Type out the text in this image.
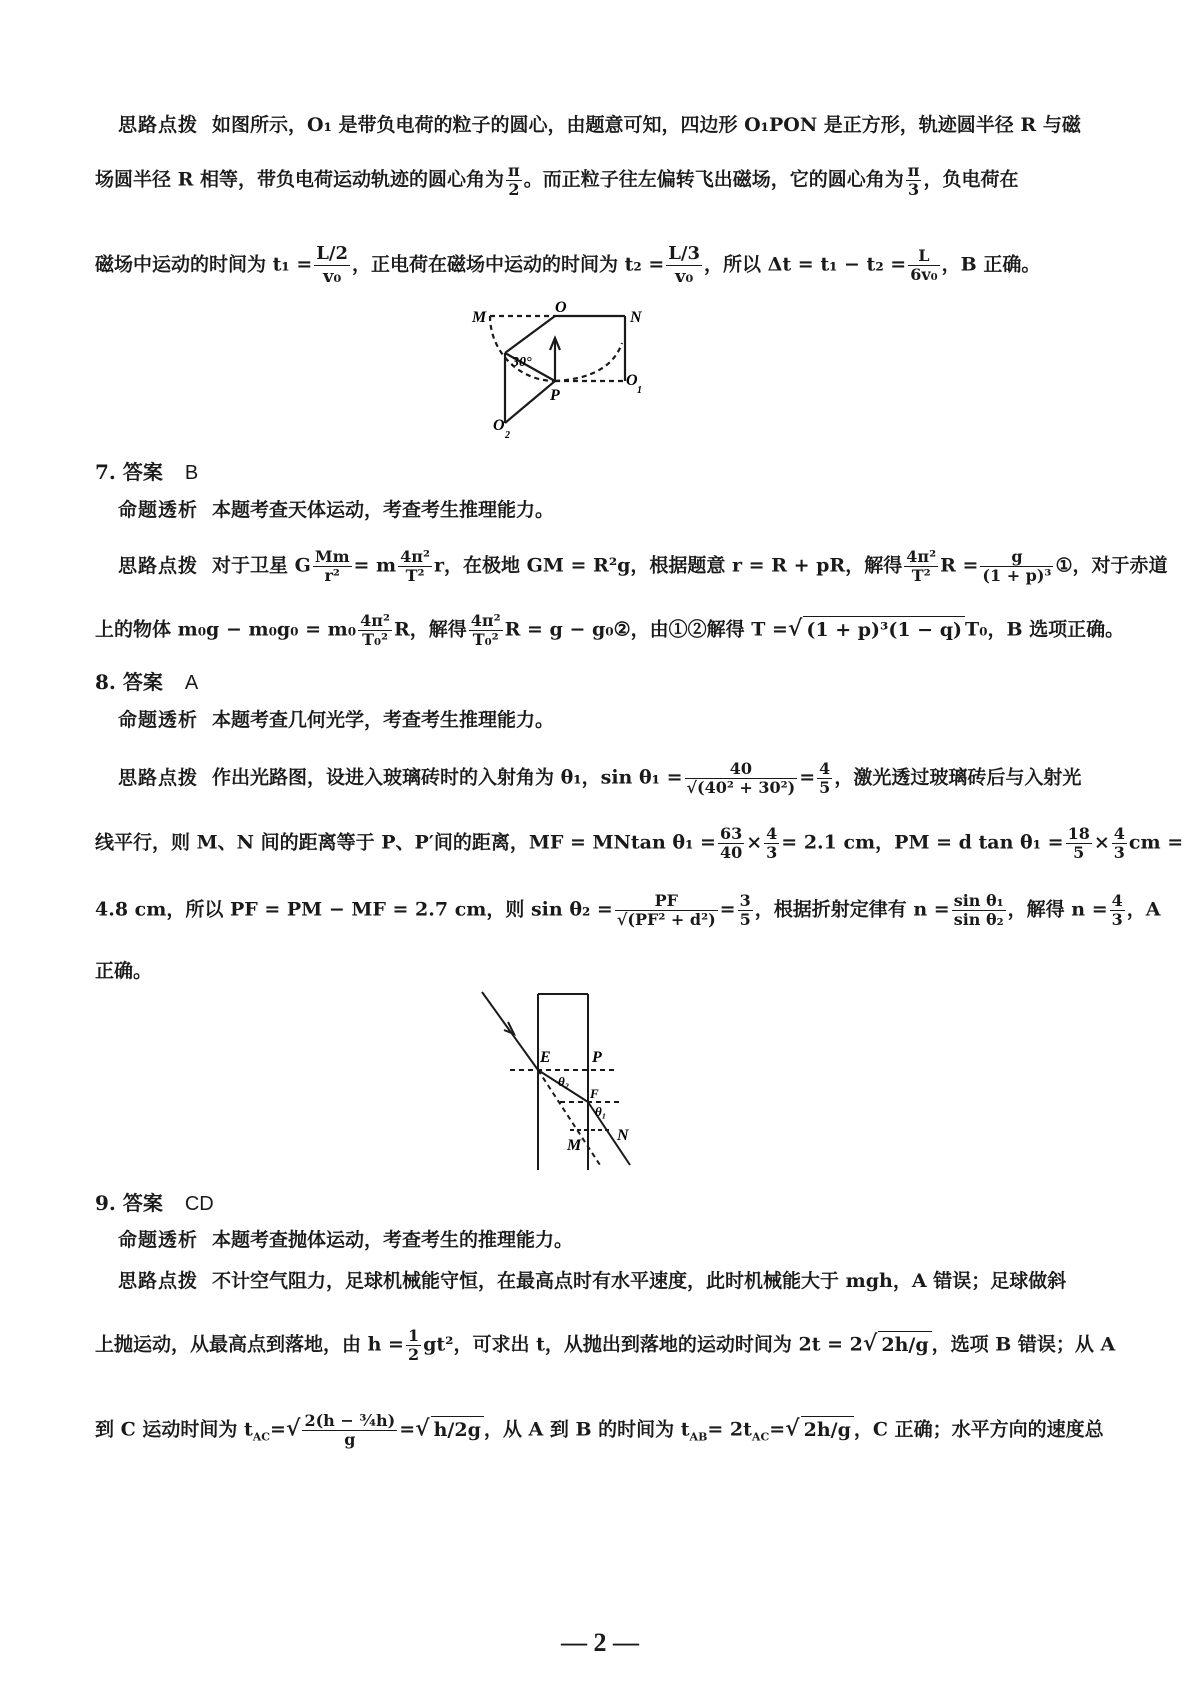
思路点拨 如图所示，O₁ 是带负电荷的粒子的圆心，由题意可知，四边形 O₁PON 是正方形，轨迹圆半径 R 与磁
场圆半径 R 相等，带负电荷运动轨迹的圆心角为 $\frac{\pi}{2}$ 。而正粒子往左偏转飞出磁场，它的圆心角为 $\frac{\pi}{3}$ ，负电荷在
磁场中运动的时间为 $t_1 = \frac{L/2}{\text{v₀}}$ ，正电荷在磁场中运动的时间为 $t_2 = \frac{L/3}{\text{v₀}}$ ，所以 $\Delta t = t_1 - t_2 = \frac{L}{\text{6v₀}}$ ，B 正确。
M
O
N
P
O
1
O
2
30°
7. 答案 B
命题透析 本题考查天体运动，考查考生推理能力。
思路点拨 对于卫星 G $\frac{Mm}{\text{r²}} = m \frac{\text{4π²}}{\text{T²}}$ r，在极地 GM = R²g，根据题意 r = R + pR，解得 $\frac{\text{4π²}}{\text{T²}}$ $R = \frac{g}{\text{(1 + p)³}}$ ①，对于赤道
上的物体 $m_0g - m_0g_0 = m_0 \frac{\text{4π²}}{\text{T₀²}}$ R，解得 $\frac{\text{4π²}}{\text{T₀²}}$ R = g − g₀②，由①②解得 T =√ (1 + p)³(1 − q) T₀，B 选项正确。
8. 答案 A
命题透析 本题考查几何光学，考查考生推理能力。
思路点拨 作出光路图，设进入玻璃砖时的入射角为 θ₁，$\sin \theta_1 = \frac{40}{\text{√(40² + 30²)}} = \frac{4}{5}$ ，激光透过玻璃砖后与入射光
线平行，则 M、N 间的距离等于 P、P′间的距离，MF = MNtan $\theta_1 = \frac{63}{40} \times \frac{4}{3} = 2.1$ cm，PM = d $\tan \theta_1 = \frac{18}{5} \times \frac{4}{3}$ cm =
4.8 cm，所以 PF = PM − MF = 2.7 cm，则 $\sin \theta_2 = \frac{PF}{\text{√(PF² + d²)}} = \frac{3}{5}$ ，根据折射定律有 $n = \frac{\text{sin θ₁}}{\text{sin θ₂}}$ ，解得 $n = \frac{4}{3}$ ，A
正确。
E	P
F
M
N
θ₂
θ₁
9. 答案 CD
命题透析 本题考查抛体运动，考查考生的推理能力。
思路点拨 不计空气阻力，足球机械能守恒，在最高点时有水平速度，此时机械能大于 mgh，A 错误；足球做斜
上抛运动，从最高点到落地，由 $h = \frac{1}{2} gt^2$，可求出 t，从抛出到落地的运动时间为 2t = 2√ 2h/g ，选项 B 错误；从 A
到 C 运动时间为 $t_{AC}=√ \frac{\text{2(h − ¾h)}}{g}$ =√ h/2g ，从 A 到 B 的时间为 $t_{AB}= 2t_{AC}=√$ 2h/g ，C 正确；水平方向的速度总
— 2 —
